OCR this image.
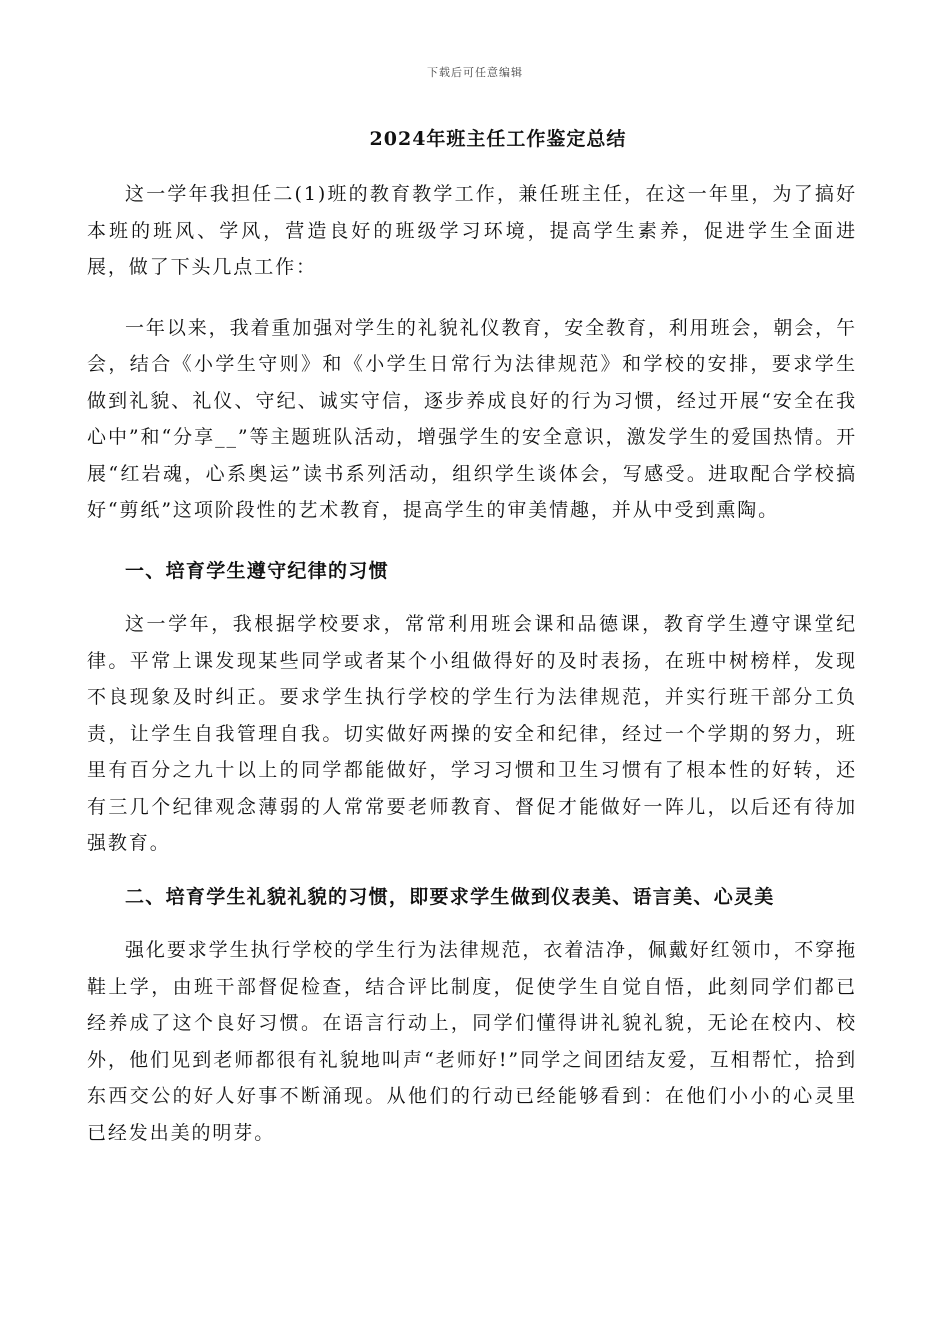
下载后可任意编辑
2024年班主任工作鉴定总结

这一学年我担任二(1)班的教育教学工作，兼任班主任，在这一年里，为了搞好本班的班风、学风，营造良好的班级学习环境，提高学生素养，促进学生全面进展，做了下头几点工作：

一年以来，我着重加强对学生的礼貌礼仪教育，安全教育，利用班会，朝会，午会，结合《小学生守则》和《小学生日常行为法律规范》和学校的安排，要求学生做到礼貌、礼仪、守纪、诚实守信，逐步养成良好的行为习惯，经过开展“安全在我心中”和“分享__”等主题班队活动，增强学生的安全意识，激发学生的爱国热情。开展“红岩魂，心系奥运”读书系列活动，组织学生谈体会，写感受。进取配合学校搞好“剪纸”这项阶段性的艺术教育，提高学生的审美情趣，并从中受到熏陶。

一、培育学生遵守纪律的习惯

这一学年，我根据学校要求，常常利用班会课和品德课，教育学生遵守课堂纪律。平常上课发现某些同学或者某个小组做得好的及时表扬，在班中树榜样，发现不良现象及时纠正。要求学生执行学校的学生行为法律规范，并实行班干部分工负责，让学生自我管理自我。切实做好两操的安全和纪律，经过一个学期的努力，班里有百分之九十以上的同学都能做好，学习习惯和卫生习惯有了根本性的好转，还有三几个纪律观念薄弱的人常常要老师教育、督促才能做好一阵儿，以后还有待加强教育。

二、培育学生礼貌礼貌的习惯，即要求学生做到仪表美、语言美、心灵美

强化要求学生执行学校的学生行为法律规范，衣着洁净，佩戴好红领巾，不穿拖鞋上学，由班干部督促检查，结合评比制度，促使学生自觉自悟，此刻同学们都已经养成了这个良好习惯。在语言行动上，同学们懂得讲礼貌礼貌，无论在校内、校外，他们见到老师都很有礼貌地叫声“老师好!”同学之间团结友爱，互相帮忙，拾到东西交公的好人好事不断涌现。从他们的行动已经能够看到：在他们小小的心灵里已经发出美的明芽。
